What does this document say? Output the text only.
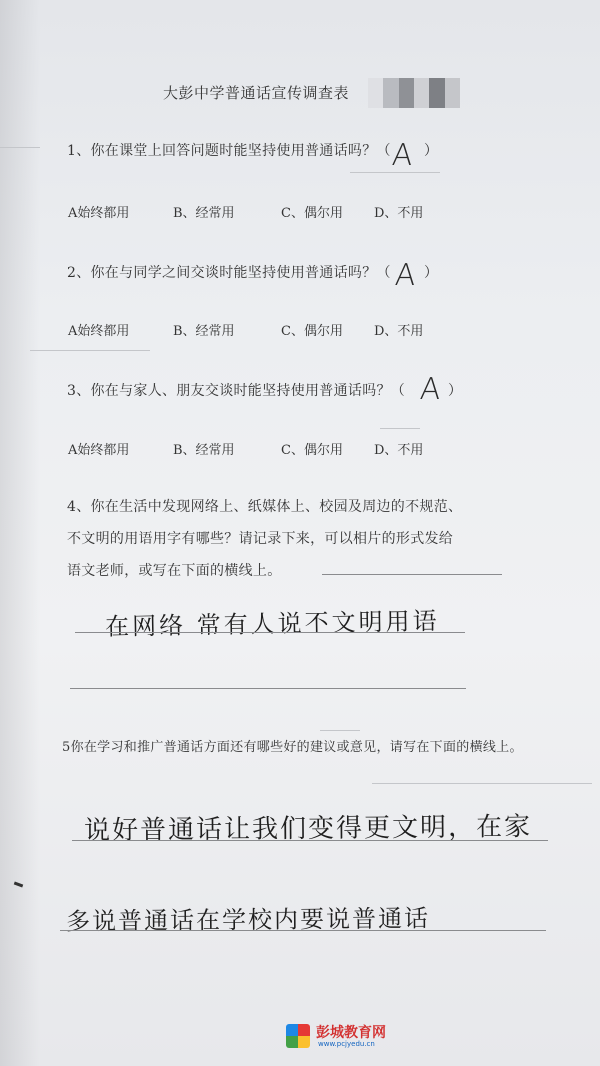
大彭中学普通话宣传调查表
1、你在课堂上回答问题时能坚持使用普通话吗？（ A ）
A始终都用	B、经常用	C、偶尔用 D、不用
2、你在与同学之间交谈时能坚持使用普通话吗？（ A ）
A始终都用	B、经常用	C、偶尔用 D、不用
3、你在与家人、朋友交谈时能坚持使用普通话吗？（ A ）
A始终都用	B、经常用	C、偶尔用 D、不用
4、你在生活中发现网络上、纸媒体上、校园及周边的不规范、
不文明的用语用字有哪些？请记录下来，可以相片的形式发给
语文老师，或写在下面的横线上。
在网络 常有人说不文明用语
5你在学习和推广普通话方面还有哪些好的建议或意见，请写在下面的横线上。
说好普通话让我们变得更文明，在家
多说普通话在学校内要说普通话
彭城教育网
www.pcjyedu.cn
